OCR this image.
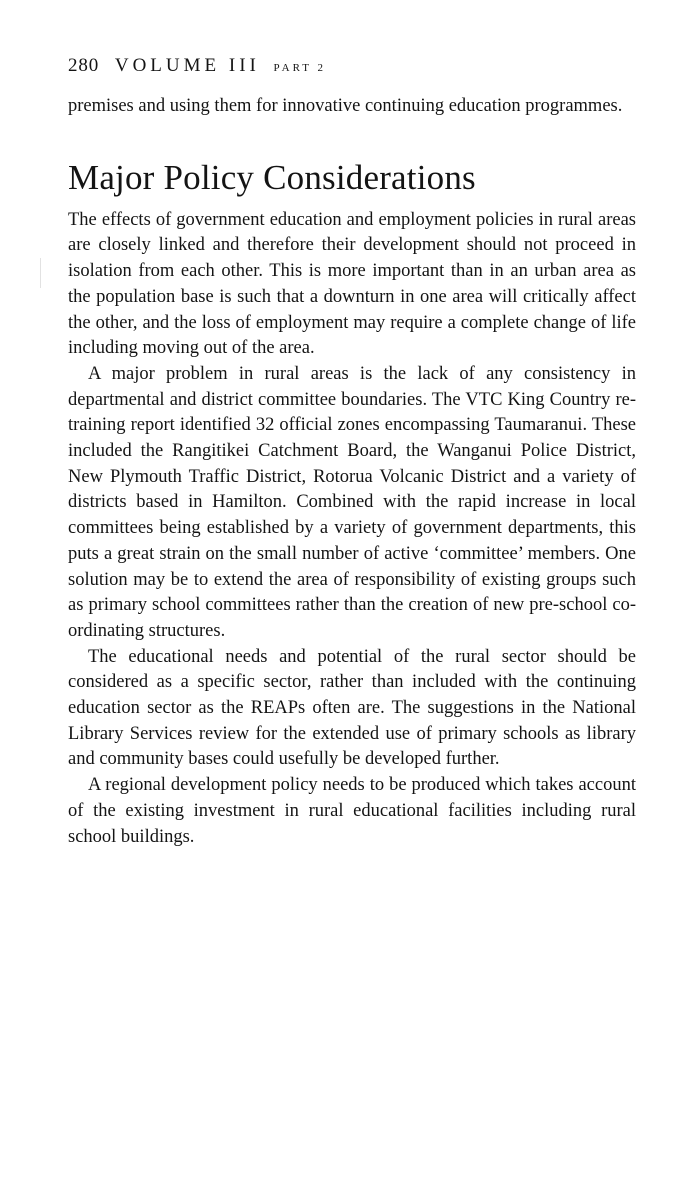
280 VOLUME III PART 2

premises and using them for innovative continuing education programmes.

Major Policy Considerations

The effects of government education and employment policies in rural areas are closely linked and therefore their development should not proceed in isolation from each other. This is more important than in an urban area as the population base is such that a downturn in one area will critically affect the other, and the loss of employment may require a complete change of life including moving out of the area.

A major problem in rural areas is the lack of any consistency in departmental and district committee boundaries. The VTC King Country re-training report identified 32 official zones encompassing Taumaranui. These included the Rangitikei Catchment Board, the Wanganui Police District, New Plymouth Traffic District, Rotorua Volcanic District and a variety of districts based in Hamilton. Combined with the rapid increase in local committees being established by a variety of government departments, this puts a great strain on the small number of active ‘committee’ members. One solution may be to extend the area of responsibility of existing groups such as primary school committees rather than the creation of new pre-school co-ordinating structures.

The educational needs and potential of the rural sector should be considered as a specific sector, rather than included with the continuing education sector as the REAPs often are. The suggestions in the National Library Services review for the extended use of primary schools as library and community bases could usefully be developed further.

A regional development policy needs to be produced which takes account of the existing investment in rural educational facilities including rural school buildings.
